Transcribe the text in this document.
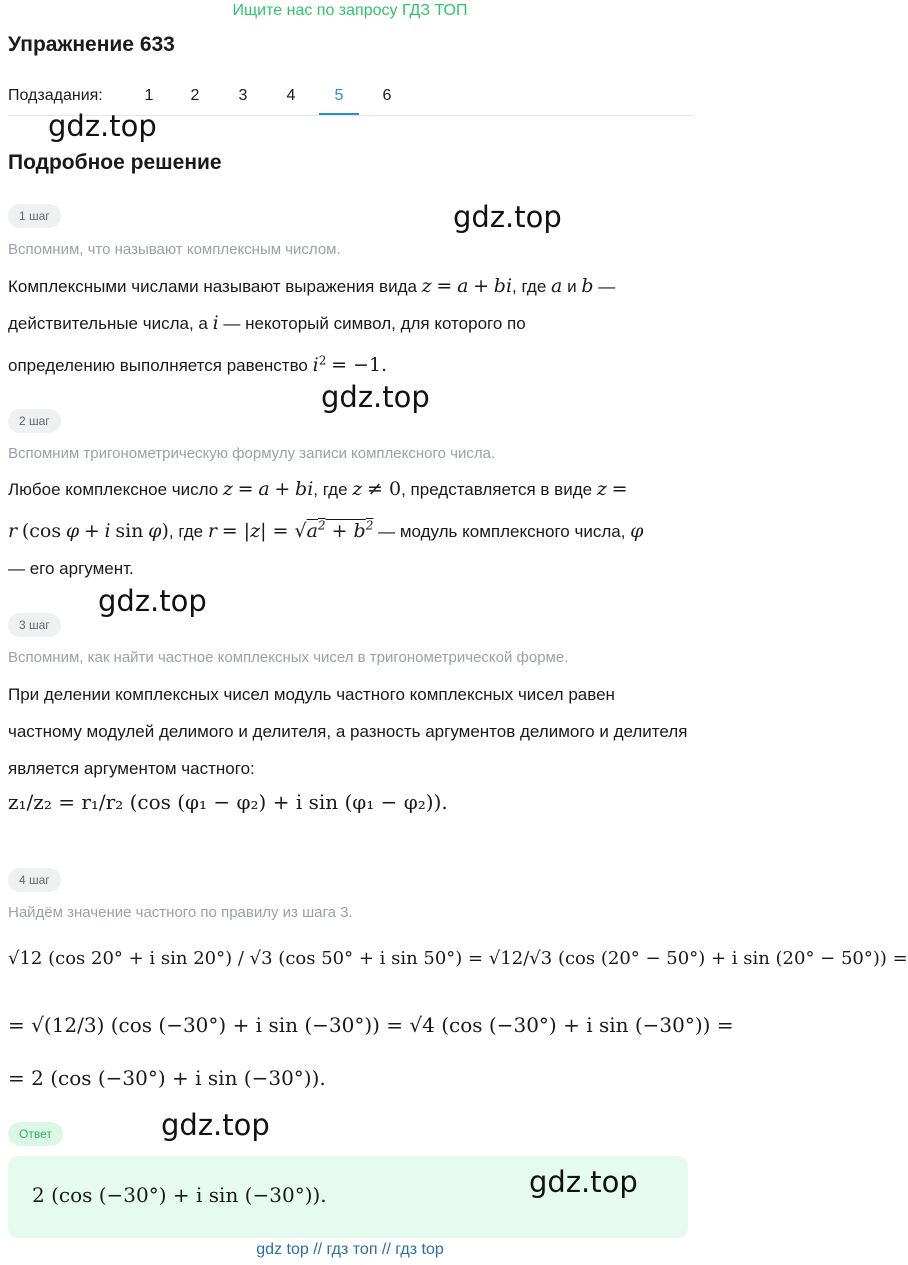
Ищите нас по запросу ГДЗ ТОП
Упражнение 633
Подзадания:	1	2	3	4	5	6
gdz.top
Подробное решение
1 шаг	gdz.top
Вспомним, что называют комплексным числом.
Комплексными числами называют выражения вида z = a + bi, где a и b —
действительные числа, а i — некоторый символ, для которого по
определению выполняется равенство $i^2 = -1$.
gdz.top
2 шаг
Вспомним тригонометрическую формулу записи комплексного числа.
Любое комплексное число z = a + bi, где z ≠ 0, представляется в виде z =
r (cos φ + i sin φ), где $r = |z| = √a^2 + b^2$ — модуль комплексного числа, φ
— его аргумент.
gdz.top
3 шаг
Вспомним, как найти частное комплексных чисел в тригонометрической форме.
При делении комплексных чисел модуль частного комплексных чисел равен частному модулей делимого и делителя, а разность аргументов делимого и делителя является аргументом частного:
z₁/z₂ = r₁/r₂ (cos (φ₁ − φ₂) + i sin (φ₁ − φ₂)).
4 шаг
Найдём значение частного по правилу из шага 3.
√12 (cos 20° + i sin 20°) / √3 (cos 50° + i sin 50°) = √12/√3 (cos (20° − 50°) + i sin (20° − 50°)) =
= √(12/3) (cos (−30°) + i sin (−30°)) = √4 (cos (−30°) + i sin (−30°)) =
= 2 (cos (−30°) + i sin (−30°)).
Ответ	gdz.top
2 (cos (−30°) + i sin (−30°)).	gdz.top
gdz top // гдз топ // гдз top
